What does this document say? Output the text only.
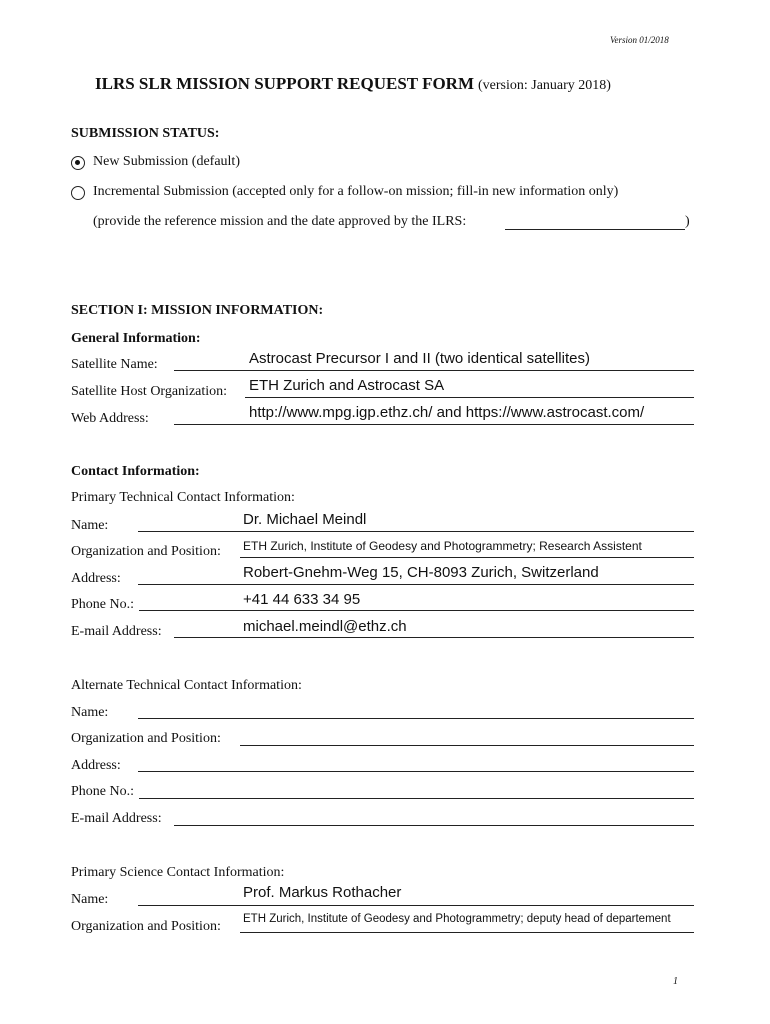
Version 01/2018
ILRS SLR MISSION SUPPORT REQUEST FORM (version: January 2018)
SUBMISSION STATUS:
New Submission (default)
Incremental Submission (accepted only for a follow-on mission; fill-in new information only)
(provide the reference mission and the date approved by the ILRS:	)
SECTION I: MISSION INFORMATION:
General Information:
Satellite Name:	Astrocast Precursor I and II (two identical satellites)
Satellite Host Organization: ETH Zurich and Astrocast SA
Web Address:	http://www.mpg.igp.ethz.ch/ and https://www.astrocast.com/
Contact Information:
Primary Technical Contact Information:
Name:	Dr. Michael Meindl
Organization and Position: ETH Zurich, Institute of Geodesy and Photogrammetry; Research Assistent
Address:	Robert-Gnehm-Weg 15, CH-8093 Zurich, Switzerland
Phone No.:	+41 44 633 34 95
E-mail Address:	michael.meindl@ethz.ch
Alternate Technical Contact Information:
Name:
Organization and Position:
Address:
Phone No.:
E-mail Address:
Primary Science Contact Information:
Name:	Prof. Markus Rothacher
Organization and Position: ETH Zurich, Institute of Geodesy and Photogrammetry; deputy head of departement
1
